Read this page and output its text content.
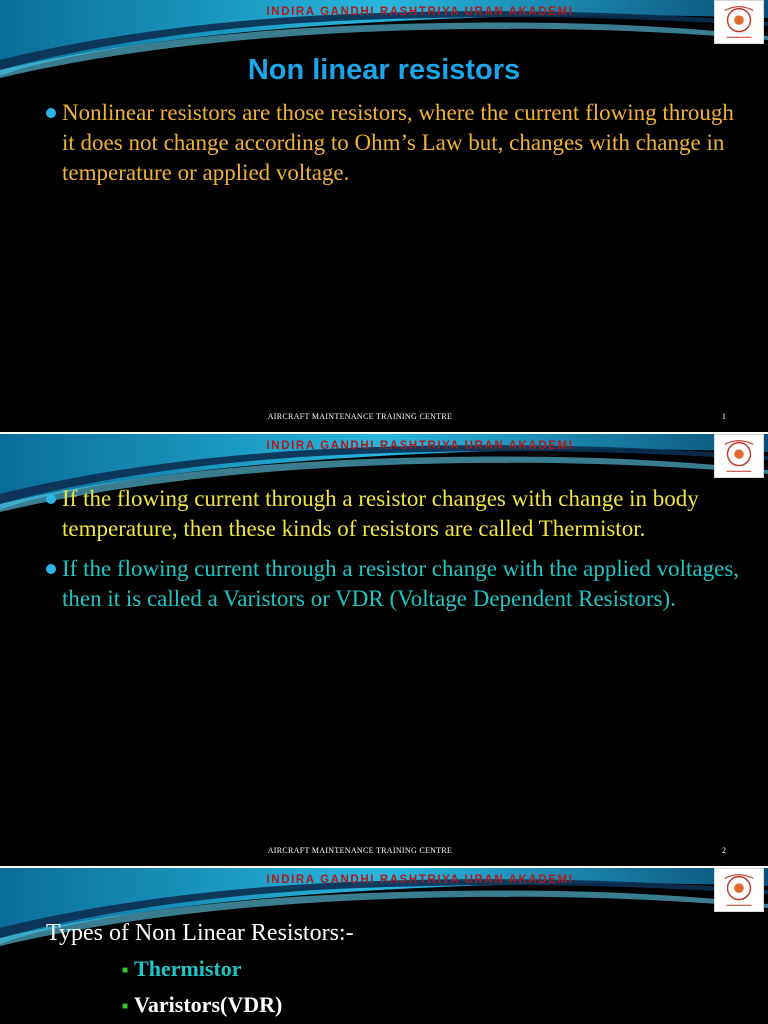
INDIRA GANDHI RASHTRIYA URAN AKADEMI
Non linear resistors
Nonlinear resistors are those resistors, where the current flowing through it does not change according to Ohm’s Law but, changes with change in temperature or applied voltage.
AIRCRAFT MAINTENANCE TRAINING CENTRE	1
INDIRA GANDHI RASHTRIYA URAN AKADEMI
If the flowing current through a resistor changes with change in body temperature, then these kinds of resistors are called Thermistor.
If the flowing current through a resistor change with the applied voltages, then it is called a Varistors or VDR (Voltage Dependent Resistors).
AIRCRAFT MAINTENANCE TRAINING CENTRE	2
INDIRA GANDHI RASHTRIYA URAN AKADEMI
Types of Non Linear Resistors:-
■ Thermistor
■ Varistors(VDR)
